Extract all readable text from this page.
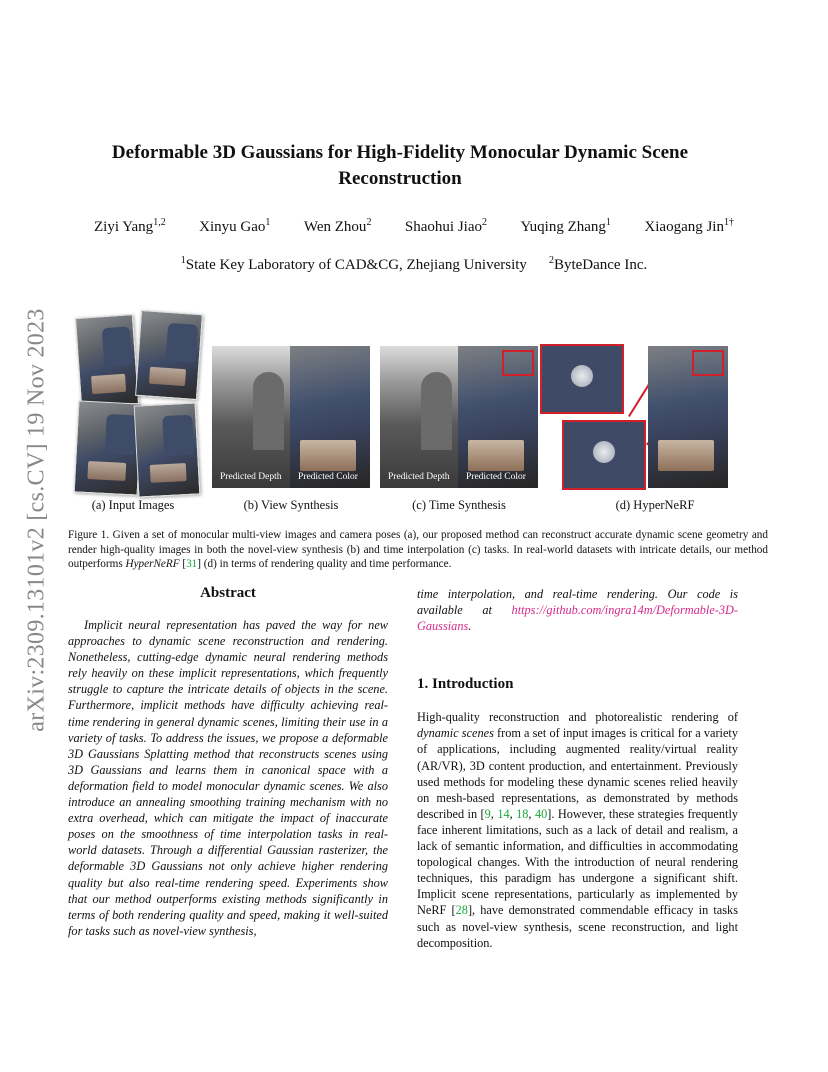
arXiv:2309.13101v2 [cs.CV] 19 Nov 2023
Deformable 3D Gaussians for High-Fidelity Monocular Dynamic Scene
Reconstruction
Ziyi Yang$^{1,2}$ Xinyu Gao$^1$ Wen Zhou$^2$ Shaohui Jiao$^2$ Yuqing Zhang$^1$ Xiaogang Jin$^{1\dagger}$
$^1$State Key Laboratory of CAD&CG, Zhejiang University $^2$ByteDance Inc.
Predicted Depth Predicted Color	Predicted Depth Predicted Color
(a) Input Images	(b) View Synthesis	(c) Time Synthesis	(d) HyperNeRF
Figure 1. Given a set of monocular multi-view images and camera poses (a), our proposed method can reconstruct accurate dynamic scene geometry and render high-quality images in both the novel-view synthesis (b) and time interpolation (c) tasks. In real-world datasets with intricate details, our method outperforms HyperNeRF [31] (d) in terms of rendering quality and time performance.
Abstract
Implicit neural representation has paved the way for new approaches to dynamic scene reconstruction and rendering. Nonetheless, cutting-edge dynamic neural rendering methods rely heavily on these implicit representations, which frequently struggle to capture the intricate details of objects in the scene. Furthermore, implicit methods have difficulty achieving real-time rendering in general dynamic scenes, limiting their use in a variety of tasks. To address the issues, we propose a deformable 3D Gaussians Splatting method that reconstructs scenes using 3D Gaussians and learns them in canonical space with a deformation field to model monocular dynamic scenes. We also introduce an annealing smoothing training mechanism with no extra overhead, which can mitigate the impact of inaccurate poses on the smoothness of time interpolation tasks in real-world datasets. Through a differential Gaussian rasterizer, the deformable 3D Gaussians not only achieve higher rendering quality but also real-time rendering speed. Experiments show that our method outperforms existing methods significantly in terms of both rendering quality and speed, making it well-suited for tasks such as novel-view synthesis,
time interpolation, and real-time rendering. Our code is available at https://github.com/ingra14m/Deformable-3D-Gaussians.
1. Introduction
High-quality reconstruction and photorealistic rendering of dynamic scenes from a set of input images is critical for a variety of applications, including augmented reality/virtual reality (AR/VR), 3D content production, and entertainment. Previously used methods for modeling these dynamic scenes relied heavily on mesh-based representations, as demonstrated by methods described in [9, 14, 18, 40]. However, these strategies frequently face inherent limitations, such as a lack of detail and realism, a lack of semantic information, and difficulties in accommodating topological changes. With the introduction of neural rendering techniques, this paradigm has undergone a significant shift. Implicit scene representations, particularly as implemented by NeRF [28], have demonstrated commendable efficacy in tasks such as novel-view synthesis, scene reconstruction, and light decomposition.
